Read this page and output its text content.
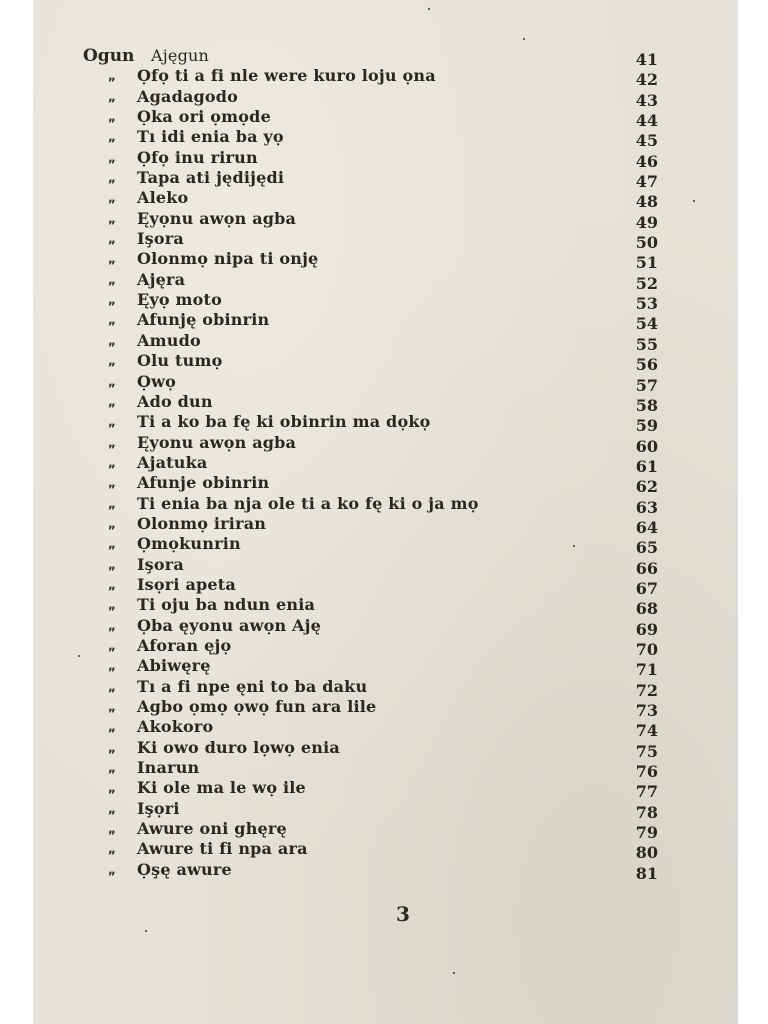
Ogun Ajęgun	41
„ Ọfọ ti a fi nle were kuro loju ọna	42
„ Agadagodo	43
„ Ọka ori ọmọde	44
„ Tı idi enia ba yọ	45
„ Ọfọ inu rirun	46
„ Tapa ati jędijędi	47
„ Aleko	48
„ Ęyọnu awọn agba	49
„ Işora	50
„ Olonmọ nipa ti onję	51
„ Ajęra	52
„ Ęyọ moto	53
„ Afunję obinrin	54
„ Amudo	55
„ Olu tumọ	56
„ Ọwọ	57
„ Ado dun	58
„ Ti a ko ba fę ki obinrin ma dọkọ	59
„ Ęyonu awọn agba	60
„ Ajatuka	61
„ Afunje obinrin	62
„ Ti enia ba nja ole ti a ko fę ki o ja mọ	63
„ Olonmọ iriran	64
„ Ọmọkunrin	65
„ Işora	66
„ Isọri apeta	67
„ Ti oju ba ndun enia	68
„ Ọba ęyonu awọn Aję	69
„ Aforan ęjọ	70
„ Abiwęrę	71
„ Tı a fi npe ęni to ba daku	72
„ Agbo ọmọ ọwọ fun ara lile	73
„ Akokoro	74
„ Ki owo duro lọwọ enia	75
„ Inarun	76
„ Ki ole ma le wọ ile	77
„ Işọri	78
„ Awure oni ghęrę	79
„ Awure ti fi npa ara	80
„ Ọşę awure	81
3
